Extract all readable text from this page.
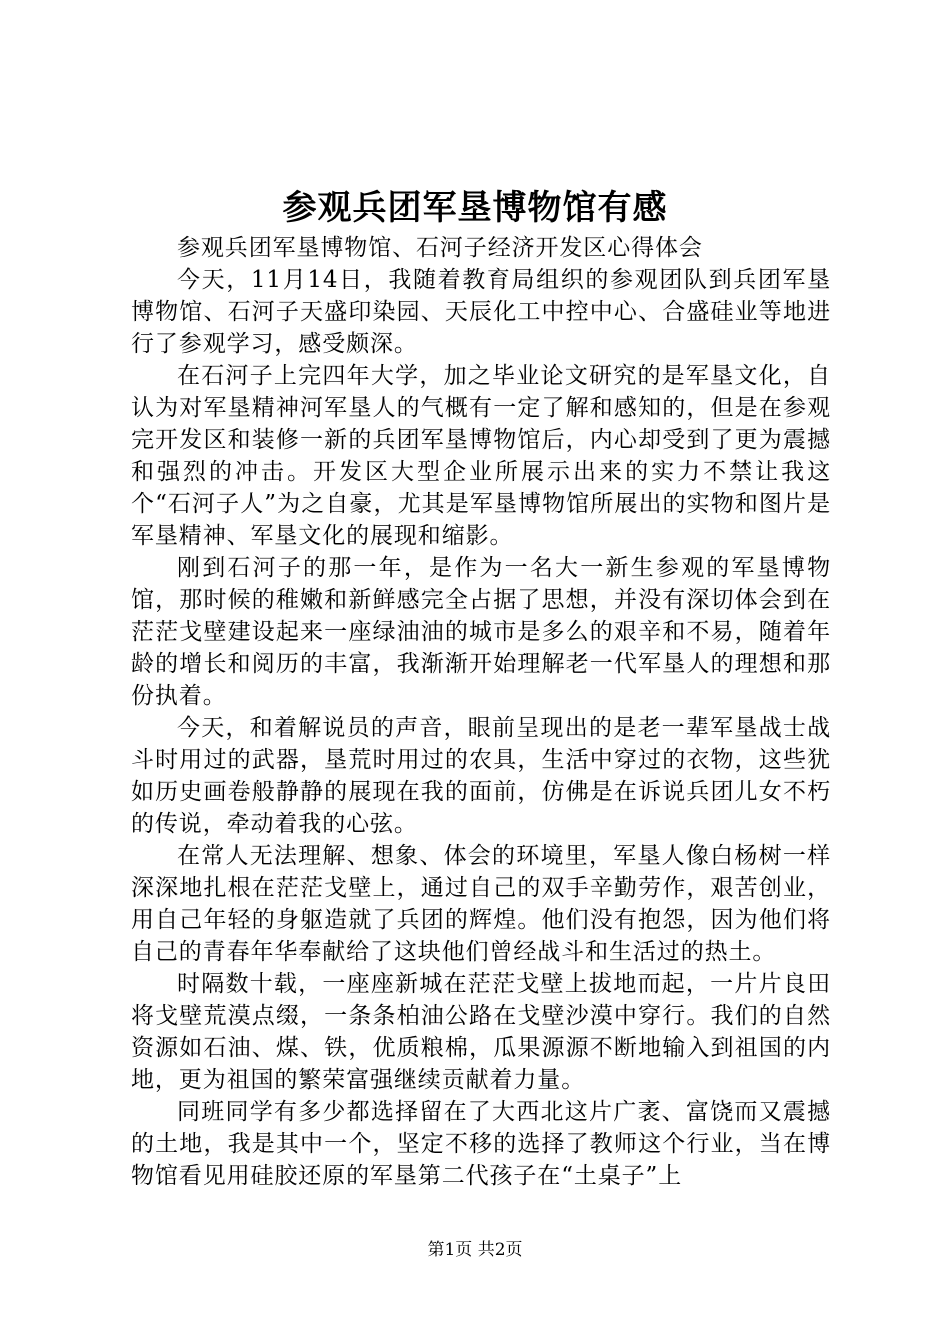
参观兵团军垦博物馆有感

参观兵团军垦博物馆、石河子经济开发区心得体会

今天，11月14日，我随着教育局组织的参观团队到兵团军垦博物馆、石河子天盛印染园、天辰化工中控中心、合盛硅业等地进行了参观学习，感受颇深。

在石河子上完四年大学，加之毕业论文研究的是军垦文化，自认为对军垦精神河军垦人的气概有一定了解和感知的，但是在参观完开发区和装修一新的兵团军垦博物馆后，内心却受到了更为震撼和强烈的冲击。开发区大型企业所展示出来的实力不禁让我这个“石河子人”为之自豪，尤其是军垦博物馆所展出的实物和图片是军垦精神、军垦文化的展现和缩影。

刚到石河子的那一年，是作为一名大一新生参观的军垦博物馆，那时候的稚嫩和新鲜感完全占据了思想，并没有深切体会到在茫茫戈壁建设起来一座绿油油的城市是多么的艰辛和不易，随着年龄的增长和阅历的丰富，我渐渐开始理解老一代军垦人的理想和那份执着。

今天，和着解说员的声音，眼前呈现出的是老一辈军垦战士战斗时用过的武器，垦荒时用过的农具，生活中穿过的衣物，这些犹如历史画卷般静静的展现在我的面前，仿佛是在诉说兵团儿女不朽的传说，牵动着我的心弦。

在常人无法理解、想象、体会的环境里，军垦人像白杨树一样深深地扎根在茫茫戈壁上，通过自己的双手辛勤劳作，艰苦创业，用自己年轻的身躯造就了兵团的辉煌。他们没有抱怨，因为他们将自己的青春年华奉献给了这块他们曾经战斗和生活过的热土。

时隔数十载，一座座新城在茫茫戈壁上拔地而起，一片片良田将戈壁荒漠点缀，一条条柏油公路在戈壁沙漠中穿行。我们的自然资源如石油、煤、铁，优质粮棉，瓜果源源不断地输入到祖国的内地，更为祖国的繁荣富强继续贡献着力量。

同班同学有多少都选择留在了大西北这片广袤、富饶而又震撼的土地，我是其中一个，坚定不移的选择了教师这个行业，当在博物馆看见用硅胶还原的军垦第二代孩子在“土桌子”上

第1页 共2页
